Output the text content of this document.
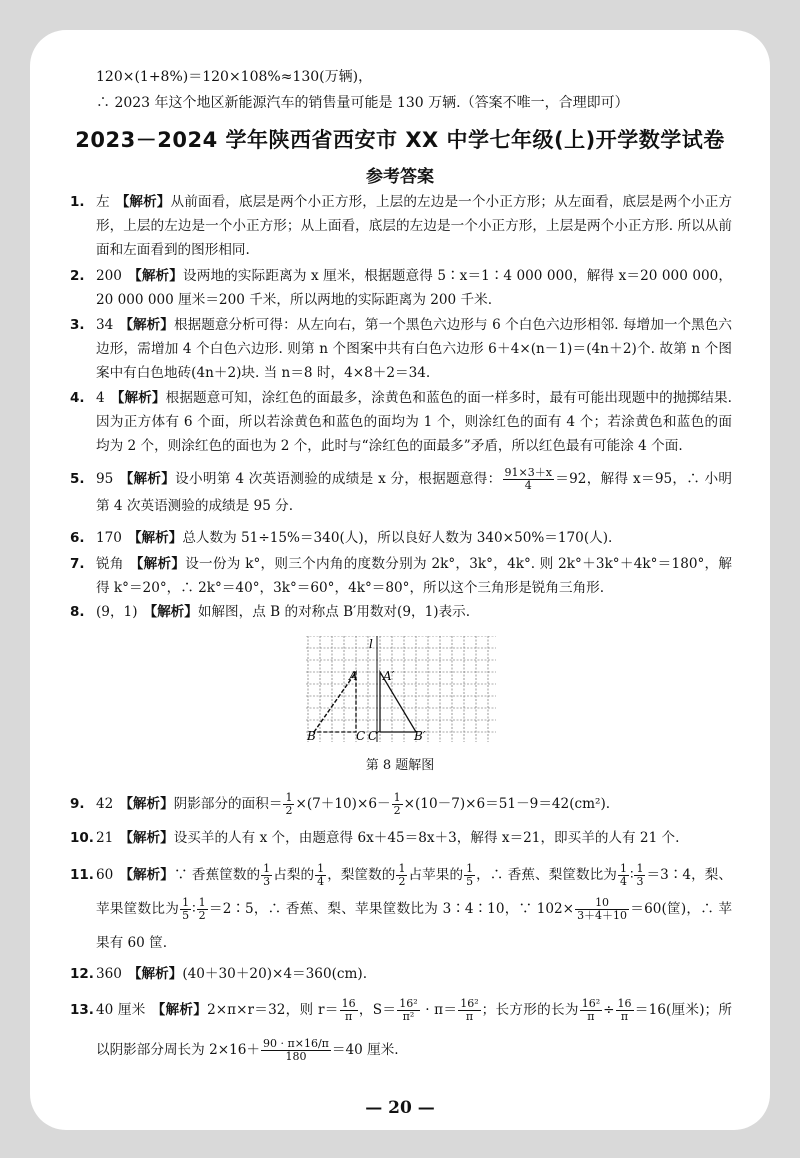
120×(1+8%)＝120×108%≈130(万辆)，
∴ 2023 年这个地区新能源汽车的销售量可能是 130 万辆.（答案不唯一，合理即可）
2023－2024 学年陕西省西安市 XX 中学七年级(上)开学数学试卷
参考答案
1. 左 【解析】从前面看，底层是两个小正方形，上层的左边是一个小正方形；从左面看，底层是两个小正方形，上层的左边是一个小正方形；从上面看，底层的左边是一个小正方形，上层是两个小正方形. 所以从前面和左面看到的图形相同.
2. 200 【解析】设两地的实际距离为 x 厘米，根据题意得 5∶x＝1∶4 000 000，解得 x＝20 000 000，20 000 000 厘米＝200 千米，所以两地的实际距离为 200 千米.
3. 34 【解析】根据题意分析可得：从左向右，第一个黑色六边形与 6 个白色六边形相邻. 每增加一个黑色六边形，需增加 4 个白色六边形. 则第 n 个图案中共有白色六边形 6＋4×(n－1)＝(4n＋2)个. 故第 n 个图案中有白色地砖(4n＋2)块. 当 n＝8 时，4×8＋2＝34.
4. 4 【解析】根据题意可知，涂红色的面最多，涂黄色和蓝色的面一样多时，最有可能出现题中的抛掷结果. 因为正方体有 6 个面，所以若涂黄色和蓝色的面均为 1 个，则涂红色的面有 4 个；若涂黄色和蓝色的面均为 2 个，则涂红色的面也为 2 个，此时与“涂红色的面最多”矛盾，所以红色最有可能涂 4 个面.
5. 95 【解析】设小明第 4 次英语测验的成绩是 x 分，根据题意得： $\frac{91\times 3+x}{4} =92$，解得 x＝95，∴ 小明第 4 次英语测验的成绩是 95 分.
6. 170 【解析】总人数为 51÷15%＝340(人)，所以良好人数为 340×50%＝170(人).
7. 锐角 【解析】设一份为 k°，则三个内角的度数分别为 2k°，3k°，4k°. 则 2k°＋3k°＋4k°＝180°，解得 k°＝20°，∴ 2k°＝40°，3k°＝60°，4k°＝80°，所以这个三角形是锐角三角形.
8. (9，1) 【解析】如解图，点 B 的对称点 B′用数对(9，1)表示.
l
A A′
B	C C′	B′
第 8 题解图
9. 42 【解析】阴影部分的面积＝ $\frac{1}{2} \times(7+10)\times 6- \frac{1}{2} \times(10-7)\times 6=51-9=42(cm^2)$.
10. 21 【解析】设买羊的人有 x 个，由题意得 6x＋45＝8x＋3，解得 x＝21，即买羊的人有 21 个.
11. 60 【解析】∵ 香蕉筐数的 $\frac{1}{3}$ 占梨的 $\frac{1}{4}$ ，梨筐数的 $\frac{1}{2}$ 占苹果的 $\frac{1}{5}$ ，∴ 香蕉、梨筐数比为 $\frac{1}{4}$ ∶ $\frac{1}{3}$ ＝3∶4，梨、苹果筐数比为 $\frac{1}{5}$ ∶ $\frac{1}{2}$ ＝2∶5，∴ 香蕉、梨、苹果筐数比为 3∶4∶10，∵ $102\times \frac{10}{3+4+10} =60$(筐)，∴ 苹果有 60 筐.
12. 360 【解析】(40＋30＋20)×4＝360(cm).
13. 40 厘米 【解析】2×π×r＝32，则 $r= \frac{16}{\pi}$ ，$S= \frac{\text{16²}}{\text{π²}} \cdot \pi= \frac{\text{16²}}{\pi}$ ；长方形的长为 $\frac{\text{16²}}{\pi} \div \frac{16}{\pi} =16$(厘米)；所以阴影部分周长为 $2\times 16+ \frac{90 \cdot \pi\times 16/\pi}{180} =40$ 厘米.
— 20 —
